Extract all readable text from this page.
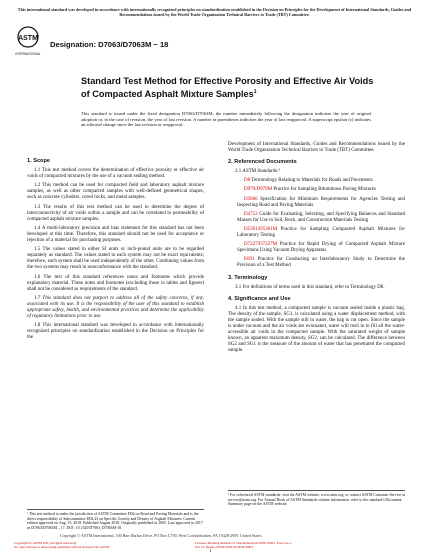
This international standard was developed in accordance with internationally recognized principles on standardization established in the Decision on Principles for the Development of International Standards, Guides and Recommendations issued by the World Trade Organization Technical Barriers to Trade (TBT) Committee.
ASTM
INTERNATIONAL
Designation: D7063/D7063M − 18
Standard Test Method for Effective Porosity and Effective Air Voids of Compacted Asphalt Mixture Samples$^1$
This standard is issued under the fixed designation D7063/D7063M; the number immediately following the designation indicates the year of original adoption or, in the case of revision, the year of last revision. A number in parentheses indicates the year of last reapproval. A superscript epsilon (ε) indicates an editorial change since the last revision or reapproval.
1. Scope

1.1 This test method covers the determination of effective porosity or effective air voids of compacted mixtures by the use of a vacuum sealing method.

1.2 This method can be used for compacted field and laboratory asphalt mixture samples, as well as other compacted samples with well-defined geometrical shapes, such as concrete cylinders, cored rocks, and metal samples.

1.3 The results of this test method can be used to determine the degree of interconnectivity of air voids within a sample and can be correlated to permeability of compacted asphalt mixture samples.

1.4 A multi-laboratory precision and bias statement for this standard has not been developed at this time. Therefore, this standard should not be used for acceptance or rejection of a material for purchasing purposes.

1.5 The values stated in either SI units or inch-pound units are to be regarded separately as standard. The values stated in each system may not be exact equivalents; therefore, each system shall be used independently of the other. Combining values from the two systems may result in nonconformance with the standard.

1.6 The text of this standard references notes and footnotes which provide explanatory material. These notes and footnotes (excluding those in tables and figures) shall not be considered as requirements of the standard.

1.7 This standard does not purport to address all of the safety concerns, if any, associated with its use. It is the responsibility of the user of this standard to establish appropriate safety, health, and environmental practices and determine the applicability of regulatory limitations prior to use.

1.8 This international standard was developed in accordance with internationally recognized principles on standardization established in the Decision on Principles for the

¹ This test method is under the jurisdiction of ASTM Committee D04 on Road and Paving Materials and is the direct responsibility of Subcommittee D04.23 on Specific Gravity and Density of Asphalt Mixtures. Current edition approved on Aug. 15, 2018. Published August 2018. Originally published in 2005. Last approved in 2017 as D7063/D7063M – 17. DOI: 10.1520/D7063_D7063M-18.

Development of International Standards, Guides and Recommendations issued by the World Trade Organization Technical Barriers to Trade (TBT) Committee.

2. Referenced Documents

2.1 ASTM Standards:²

D8 Terminology Relating to Materials for Roads and Pavements

D979/D979M Practice for Sampling Bituminous Paving Mixtures

D3666 Specification for Minimum Requirements for Agencies Testing and Inspecting Road and Paving Materials

D4753 Guide for Evaluating, Selecting, and Specifying Balances and Standard Masses for Use in Soil, Rock, and Construction Materials Testing

D5361/D5361M Practice for Sampling Compacted Asphalt Mixtures for Laboratory Testing

D7227/D7227M Practice for Rapid Drying of Compacted Asphalt Mixture Specimens Using Vacuum Drying Apparatus

E691 Practice for Conducting an Interlaboratory Study to Determine the Precision of a Test Method

3. Terminology

3.1 For definitions of terms used in this standard, refer to Terminology D8.

4. Significance and Use

4.1 In this test method, a compacted sample is vacuum sealed inside a plastic bag. The density of the sample, SG1, is calculated using a water displacement method, with the sample sealed. With the sample still in water, the bag is cut open. Since the sample is under vacuum and the air voids are evacuated, water will rush in to fill all the water-accessible air voids in the compacted sample. With the saturated weight of sample known, an apparent maximum density, SG2, can be calculated. The difference between SG2 and SG1 is the measure of the amount of water that has penetrated the compacted sample.

² For referenced ASTM standards, visit the ASTM website, www.astm.org, or contact ASTM Customer Service at service@astm.org. For Annual Book of ASTM Standards volume information, refer to the standard's Document Summary page on the ASTM website.
Copyright © ASTM International, 100 Barr Harbor Drive, PO Box C700, West Conshohocken, PA 19428-2959. United States
Copyright by ASTM Int'l (all rights reserved);
No reproduction or networking permitted without license from ASTM
License=Zhejiang Institute of Standardization/5959110001, User=xu, z
Not for Resale, 09/02/2018 19:46:30 MDT
1
